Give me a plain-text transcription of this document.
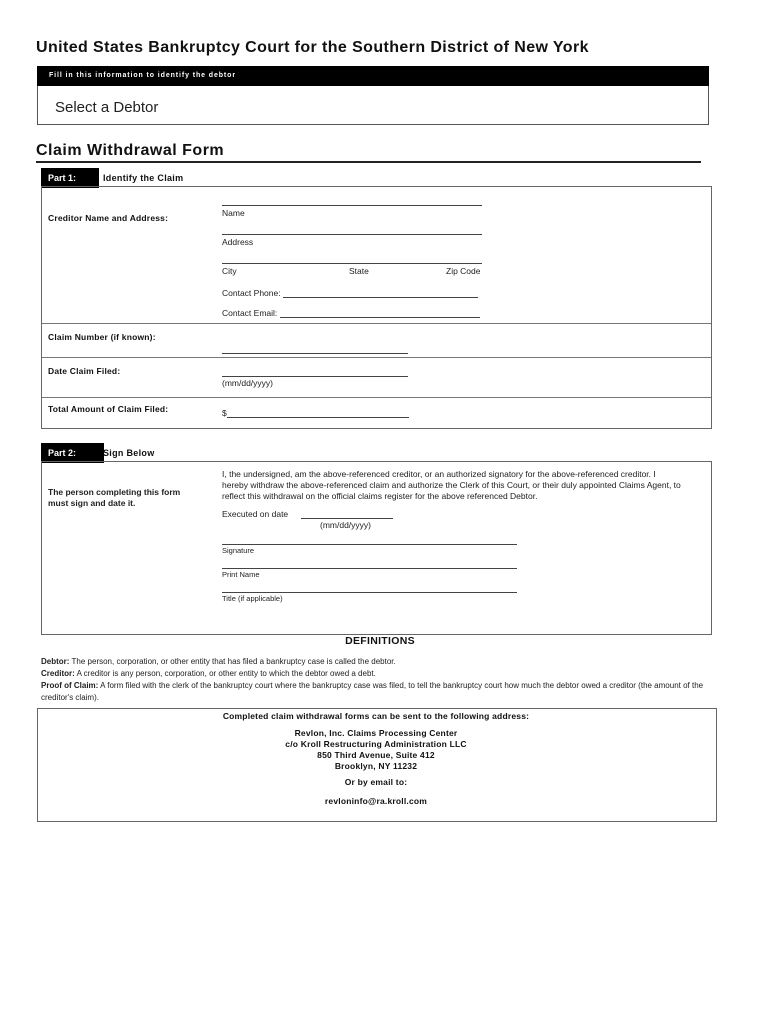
United States Bankruptcy Court for the Southern District of New York
Fill in this information to identify the debtor
Select a Debtor
Claim Withdrawal Form
Part 1:	Identify the Claim
Creditor Name and Address:	Name
Address
City	State	Zip Code
Contact Phone:
Contact Email:
Claim Number (if known):
Date Claim Filed:
(mm/dd/yyyy)
Total Amount of Claim Filed:	$
Part 2:	Sign Below
The person completing this form must sign and date it.
I, the undersigned, am the above-referenced creditor, or an authorized signatory for the above-referenced creditor. I hereby withdraw the above-referenced claim and authorize the Clerk of this Court, or their duly appointed Claims Agent, to reflect this withdrawal on the official claims register for the above referenced Debtor.
Executed on date
(mm/dd/yyyy)
Signature
Print Name
Title (if applicable)
DEFINITIONS
Debtor: The person, corporation, or other entity that has filed a bankruptcy case is called the debtor.
Creditor: A creditor is any person, corporation, or other entity to which the debtor owed a debt.
Proof of Claim: A form filed with the clerk of the bankruptcy court where the bankruptcy case was filed, to tell the bankruptcy court how much the debtor owed a creditor (the amount of the creditor's claim).
Completed claim withdrawal forms can be sent to the following address:
Revlon, Inc. Claims Processing Center
c/o Kroll Restructuring Administration LLC
850 Third Avenue, Suite 412
Brooklyn, NY 11232
Or by email to:
revloninfo@ra.kroll.com
